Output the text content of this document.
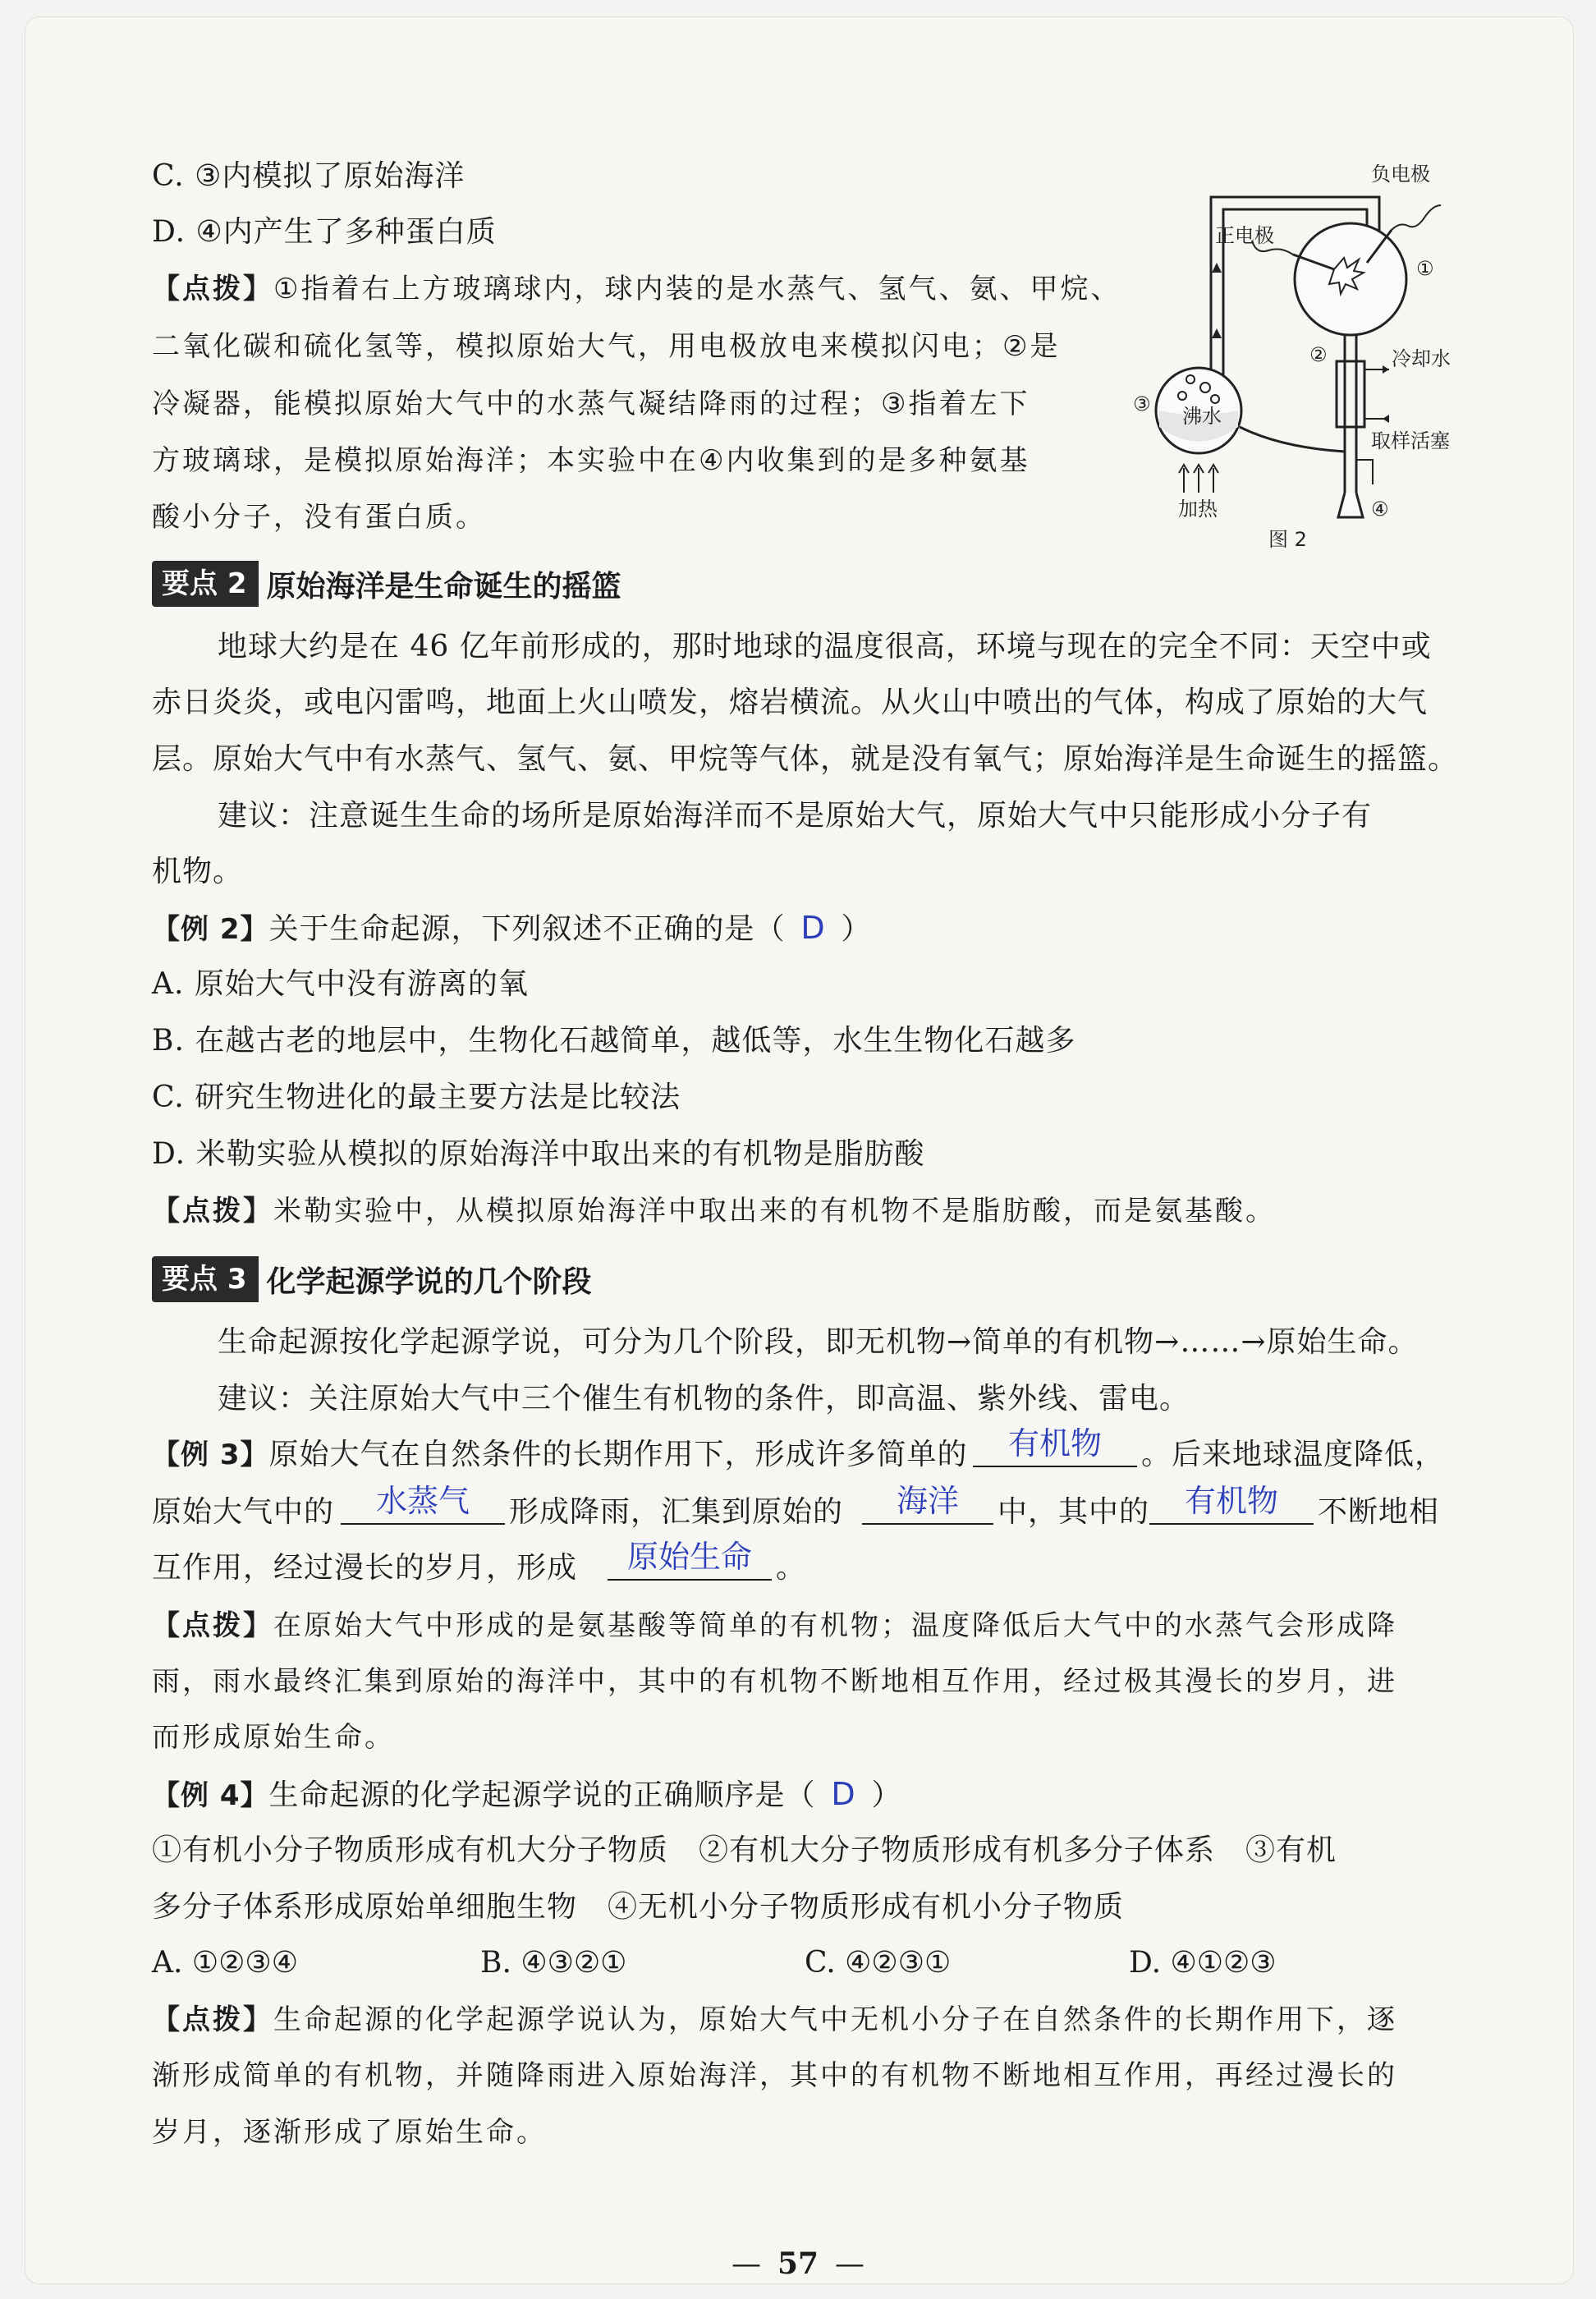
C. ③内模拟了原始海洋
D. ④内产生了多种蛋白质
【点拨】①指着右上方玻璃球内，球内装的是水蒸气、氢气、氨、甲烷、
二氧化碳和硫化氢等，模拟原始大气，用电极放电来模拟闪电；②是
冷凝器，能模拟原始大气中的水蒸气凝结降雨的过程；③指着左下
方玻璃球，是模拟原始海洋；本实验中在④内收集到的是多种氨基
酸小分子，没有蛋白质。
负电极
正电极
①
②	冷却水
③
沸水
取样活塞
加热	④
图 2
要点 2 原始海洋是生命诞生的摇篮
地球大约是在 46 亿年前形成的，那时地球的温度很高，环境与现在的完全不同：天空中或
赤日炎炎，或电闪雷鸣，地面上火山喷发，熔岩横流。从火山中喷出的气体，构成了原始的大气
层。原始大气中有水蒸气、氢气、氨、甲烷等气体，就是没有氧气；原始海洋是生命诞生的摇篮。
建议：注意诞生生命的场所是原始海洋而不是原始大气，原始大气中只能形成小分子有
机物。
【例 2】关于生命起源，下列叙述不正确的是（ D ）
A. 原始大气中没有游离的氧
B. 在越古老的地层中，生物化石越简单，越低等，水生生物化石越多
C. 研究生物进化的最主要方法是比较法
D. 米勒实验从模拟的原始海洋中取出来的有机物是脂肪酸
【点拨】米勒实验中，从模拟原始海洋中取出来的有机物不是脂肪酸，而是氨基酸。
要点 3 化学起源学说的几个阶段
生命起源按化学起源学说，可分为几个阶段，即无机物→简单的有机物→……→原始生命。
建议：关注原始大气中三个催生有机物的条件，即高温、紫外线、雷电。
【例 3】原始大气在自然条件的长期作用下，形成许多简单的	有机物	。后来地球温度降低，
原始大气中的	水蒸气	形成降雨，汇集到原始的	海洋	中，其中的	有机物	不断地相
互作用，经过漫长的岁月，形成	原始生命 。
【点拨】在原始大气中形成的是氨基酸等简单的有机物；温度降低后大气中的水蒸气会形成降
雨，雨水最终汇集到原始的海洋中，其中的有机物不断地相互作用，经过极其漫长的岁月，进
而形成原始生命。
【例 4】生命起源的化学起源学说的正确顺序是（ D ）
①有机小分子物质形成有机大分子物质　②有机大分子物质形成有机多分子体系　③有机
多分子体系形成原始单细胞生物　④无机小分子物质形成有机小分子物质
A. ①②③④	B. ④③②①	C. ④②③①	D. ④①②③
【点拨】生命起源的化学起源学说认为，原始大气中无机小分子在自然条件的长期作用下，逐
渐形成简单的有机物，并随降雨进入原始海洋，其中的有机物不断地相互作用，再经过漫长的
岁月，逐渐形成了原始生命。
— 57 —
